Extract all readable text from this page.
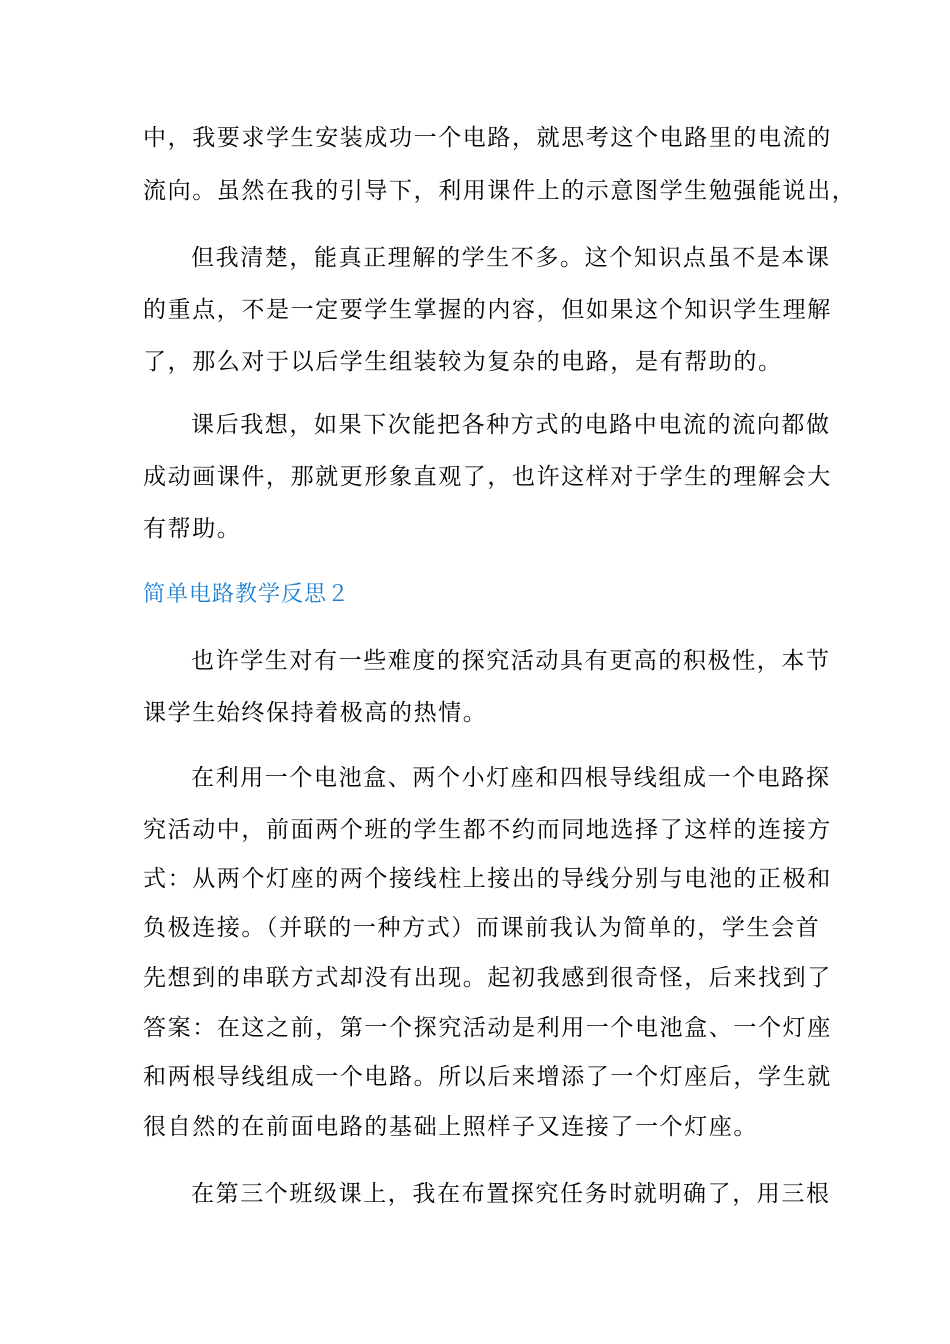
中，我要求学生安装成功一个电路，就思考这个电路里的电流的
流向。虽然在我的引导下，利用课件上的示意图学生勉强能说出，
但我清楚，能真正理解的学生不多。这个知识点虽不是本课
的重点，不是一定要学生掌握的内容，但如果这个知识学生理解
了，那么对于以后学生组装较为复杂的电路，是有帮助的。
课后我想，如果下次能把各种方式的电路中电流的流向都做
成动画课件，那就更形象直观了，也许这样对于学生的理解会大
有帮助。
简单电路教学反思２
也许学生对有一些难度的探究活动具有更高的积极性，本节
课学生始终保持着极高的热情。
在利用一个电池盒、两个小灯座和四根导线组成一个电路探
究活动中，前面两个班的学生都不约而同地选择了这样的连接方
式：从两个灯座的两个接线柱上接出的导线分别与电池的正极和
负极连接。（并联的一种方式）而课前我认为简单的，学生会首
先想到的串联方式却没有出现。起初我感到很奇怪，后来找到了
答案：在这之前，第一个探究活动是利用一个电池盒、一个灯座
和两根导线组成一个电路。所以后来增添了一个灯座后，学生就
很自然的在前面电路的基础上照样子又连接了一个灯座。
在第三个班级课上，我在布置探究任务时就明确了，用三根
